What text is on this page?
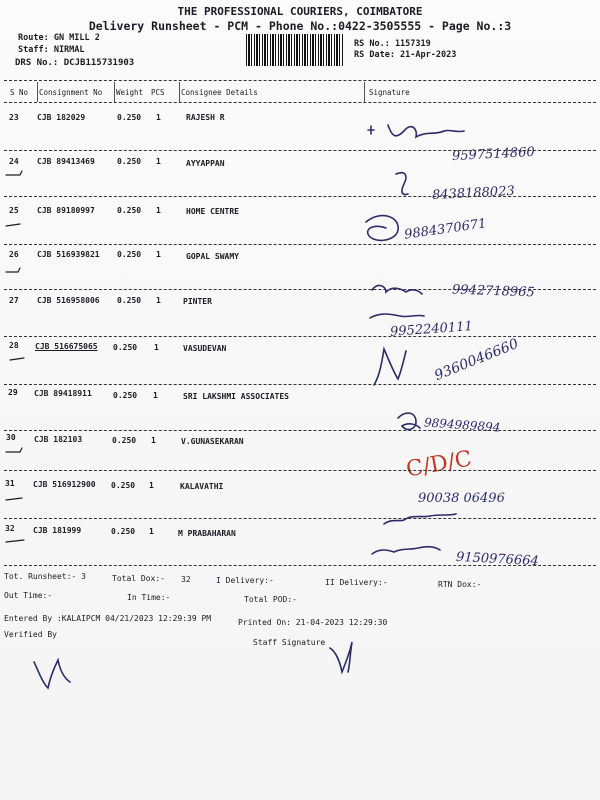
THE PROFESSIONAL COURIERS, COIMBATORE
Delivery Runsheet - PCM - Phone No.:0422-3505555 - Page No.:3
Route: GN MILL 2
Staff: NIRMAL
DRS No.: DCJB115731903
RS No.: 1157319
RS Date: 21-Apr-2023
S No Consignment No Weight PCS Consignee Details	Signature
23 CJB 182029	0.250 1	RAJESH R
9597514860
24 CJB 89413469	0.250 1	AYYAPPAN
8438188023
25 CJB 89180997	0.250 1	HOME CENTRE
9884370671
26 CJB 516939821 0.250 1	GOPAL SWAMY
9942718965
27 CJB 516958006 0.250 1	PINTER
9952240111
28 CJB 516675065 0.250 1	VASUDEVAN	9360046660
29 CJB 89418911	0.250 1	SRI LAKSHMI ASSOCIATES
9894989894
30 CJB 182103	0.250 1	V.GUNASEKARAN
C/D/C
31 CJB 516912900 0.250 1	KALAVATHI
90038 06496
32 CJB 181999	0.250 1	M PRABAHARAN
9150976664
Tot. Runsheet:- 3	Total Dox:- 32	I Delivery:-	II Delivery:-	RTN Dox:-
Out Time:-	In Time:-	Total POD:-
Entered By :KALAIPCM 04/21/2023 12:29:39 PM	Printed On: 21-04-2023 12:29:30
Verified By
Staff Signature
